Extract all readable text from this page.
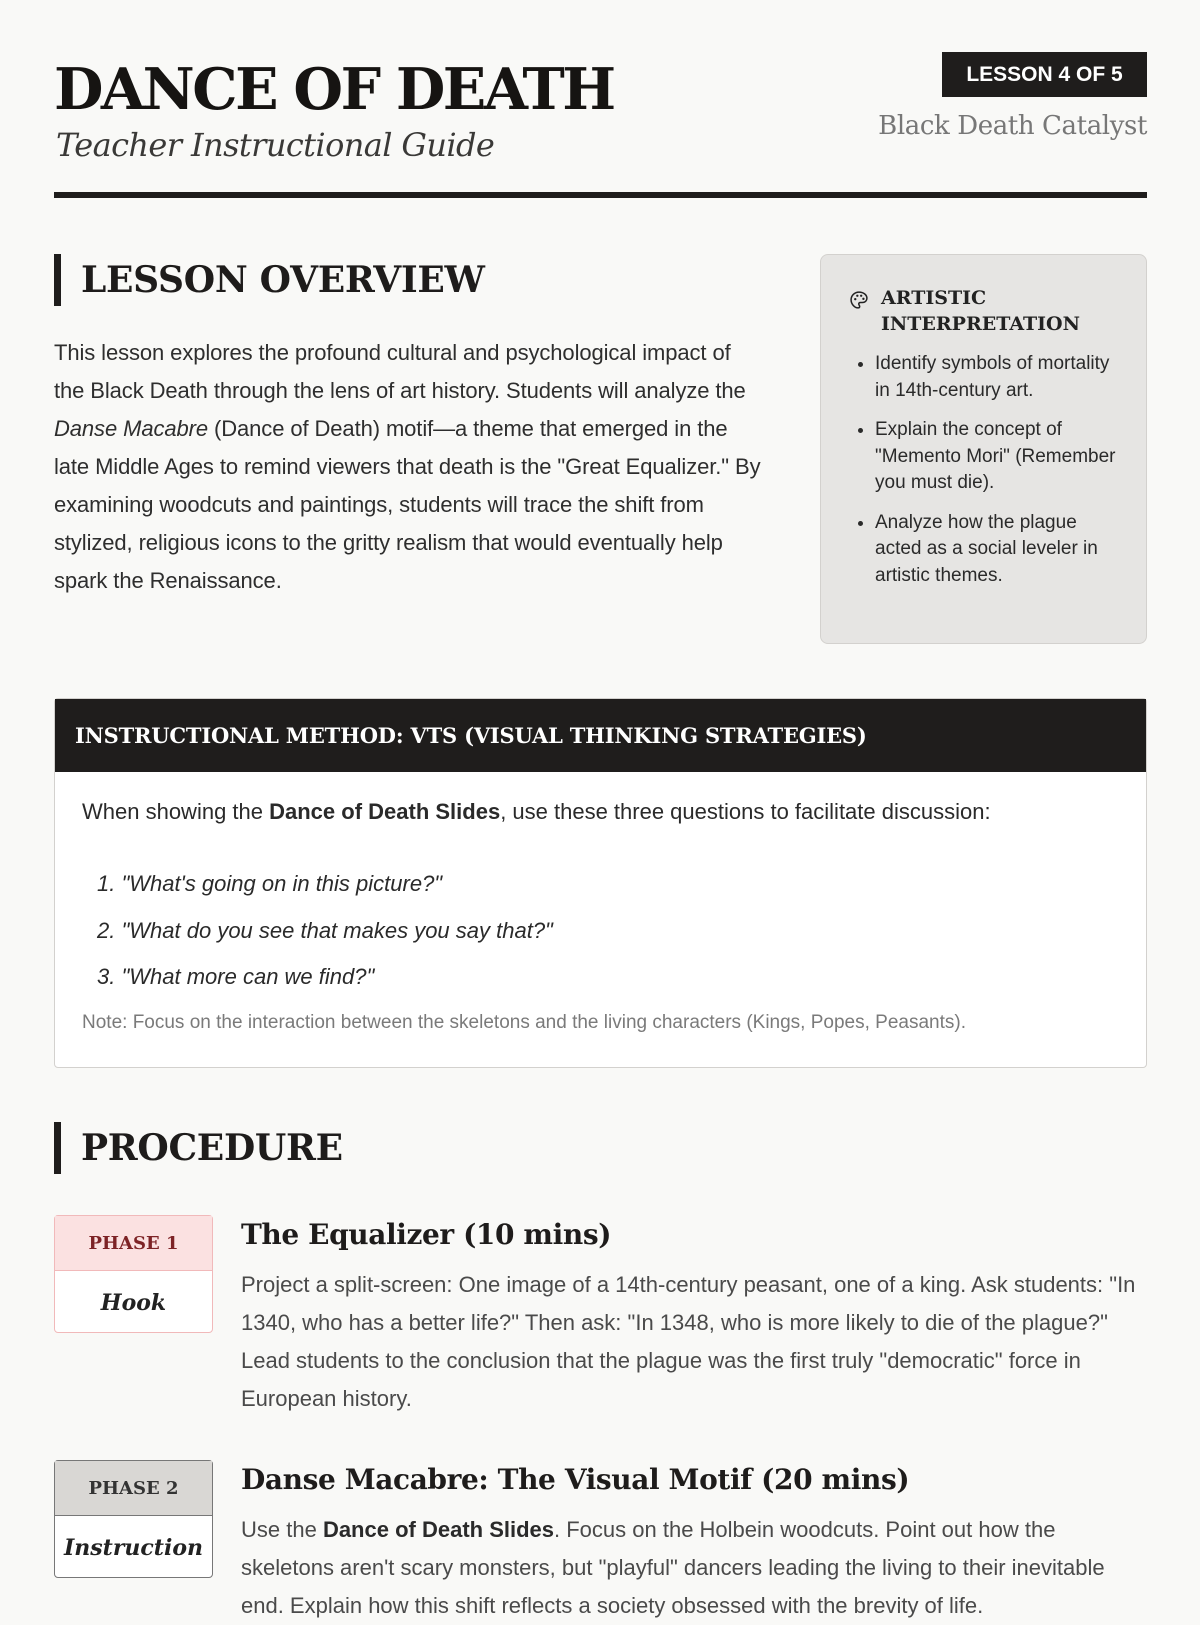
DANCE OF DEATH
Teacher Instructional Guide
LESSON 4 OF 5
Black Death Catalyst
LESSON OVERVIEW

This lesson explores the profound cultural and psychological impact of the Black Death through the lens of art history. Students will analyze the Danse Macabre (Dance of Death) motif—a theme that emerged in the late Middle Ages to remind viewers that death is the "Great Equalizer." By examining woodcuts and paintings, students will trace the shift from stylized, religious icons to the gritty realism that would eventually help spark the Renaissance.

ARTISTIC INTERPRETATION
• Identify symbols of mortality in 14th-century art.
• Explain the concept of "Memento Mori" (Remember you must die).
• Analyze how the plague acted as a social leveler in artistic themes.
INSTRUCTIONAL METHOD: VTS (VISUAL THINKING STRATEGIES)

When showing the Dance of Death Slides, use these three questions to facilitate discussion:

1. "What's going on in this picture?"
2. "What do you see that makes you say that?"
3. "What more can we find?"

Note: Focus on the interaction between the skeletons and the living characters (Kings, Popes, Peasants).

PROCEDURE
PHASE 1
Hook
The Equalizer (10 mins)

Project a split-screen: One image of a 14th-century peasant, one of a king. Ask students: "In 1340, who has a better life?" Then ask: "In 1348, who is more likely to die of the plague?" Lead students to the conclusion that the plague was the first truly "democratic" force in European history.

PHASE 2
Instruction
Danse Macabre: The Visual Motif (20 mins)

Use the Dance of Death Slides. Focus on the Holbein woodcuts. Point out how the skeletons aren't scary monsters, but "playful" dancers leading the living to their inevitable end. Explain how this shift reflects a society obsessed with the brevity of life.
